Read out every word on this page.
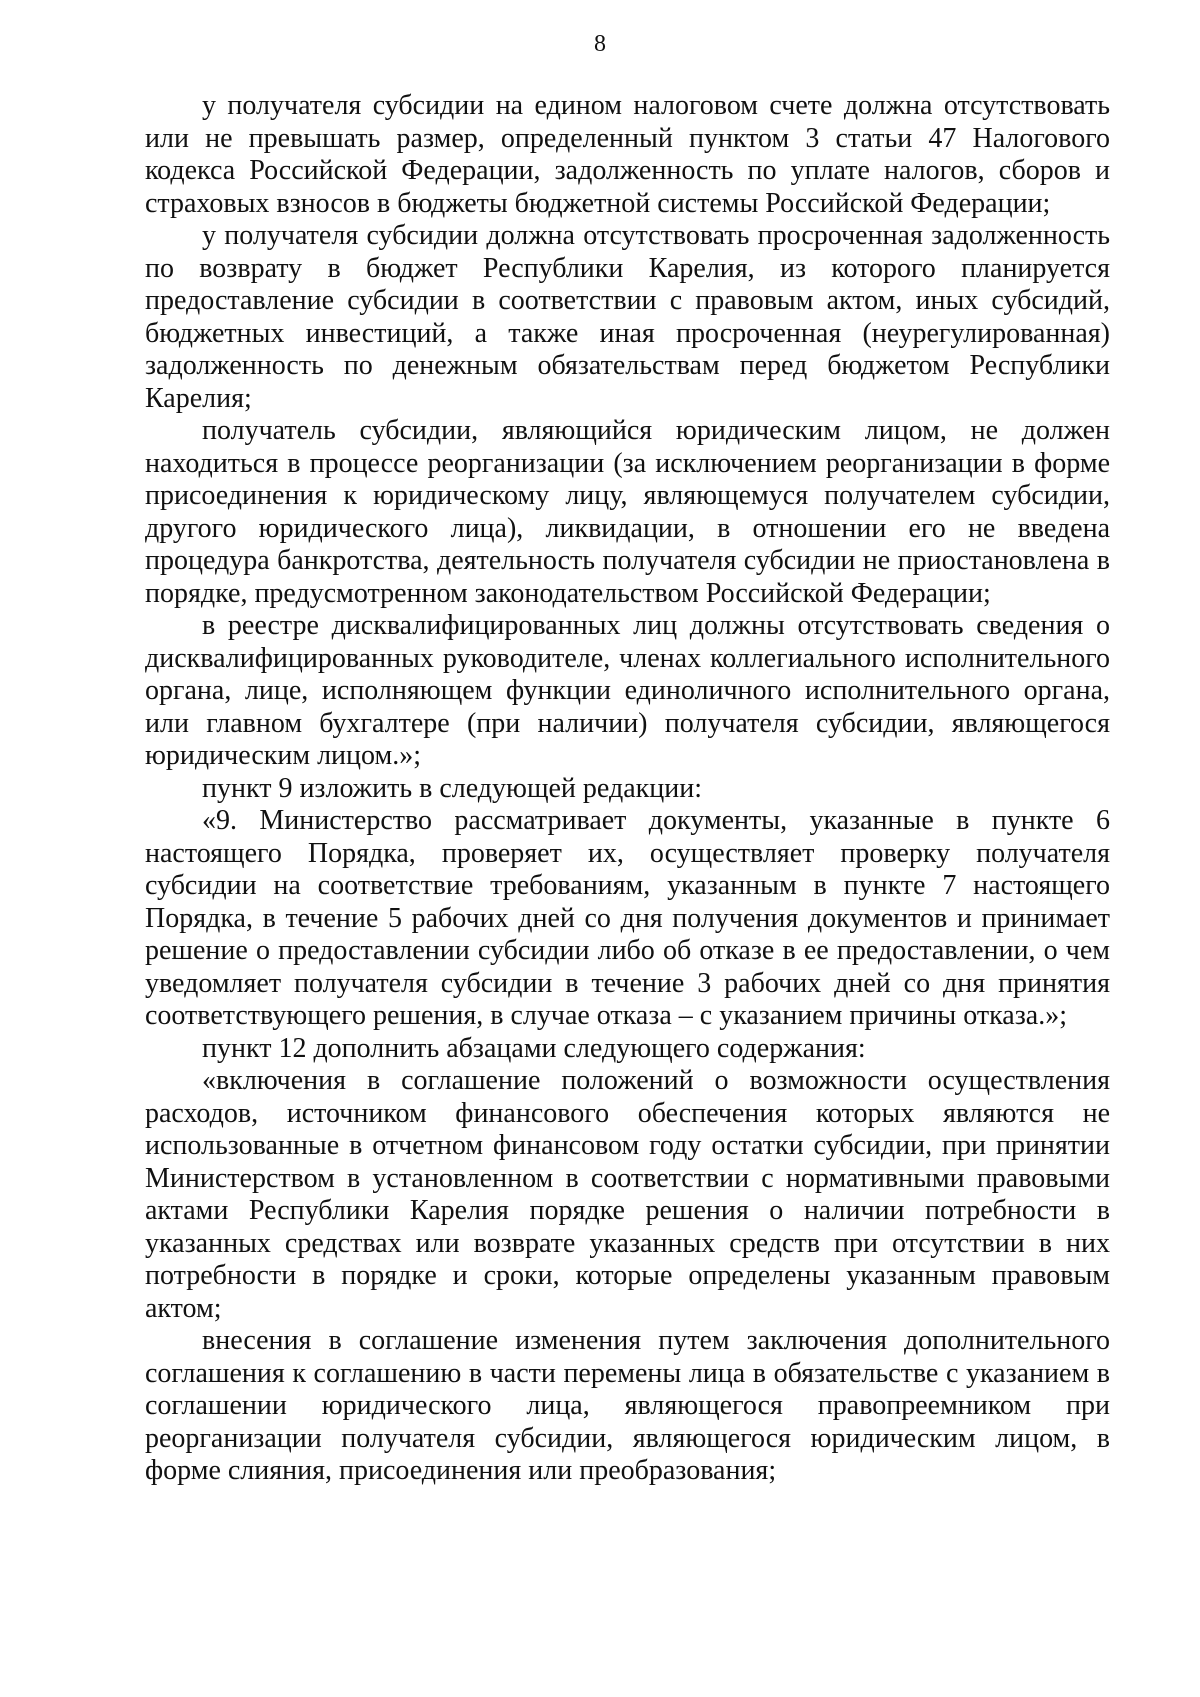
8

у получателя субсидии на едином налоговом счете должна отсутствовать или не превышать размер, определенный пунктом 3 статьи 47 Налогового кодекса Российской Федерации, задолженность по уплате налогов, сборов и страховых взносов в бюджеты бюджетной системы Российской Федерации;

у получателя субсидии должна отсутствовать просроченная задолженность по возврату в бюджет Республики Карелия, из которого планируется предоставление субсидии в соответствии с правовым актом, иных субсидий, бюджетных инвестиций, а также иная просроченная (неурегулированная) задолженность по денежным обязательствам перед бюджетом Республики Карелия;

получатель субсидии, являющийся юридическим лицом, не должен находиться в процессе реорганизации (за исключением реорганизации в форме присоединения к юридическому лицу, являющемуся получателем субсидии, другого юридического лица), ликвидации, в отношении его не введена процедура банкротства, деятельность получателя субсидии не приостановлена в порядке, предусмотренном законодательством Российской Федерации;

в реестре дисквалифицированных лиц должны отсутствовать сведения о дисквалифицированных руководителе, членах коллегиального исполнительного органа, лице, исполняющем функции единоличного исполнительного органа, или главном бухгалтере (при наличии) получателя субсидии, являющегося юридическим лицом.»;

пункт 9 изложить в следующей редакции:

«9. Министерство рассматривает документы, указанные в пункте 6 настоящего Порядка, проверяет их, осуществляет проверку получателя субсидии на соответствие требованиям, указанным в пункте 7 настоящего Порядка, в течение 5 рабочих дней со дня получения документов и принимает решение о предоставлении субсидии либо об отказе в ее предоставлении, о чем уведомляет получателя субсидии в течение 3 рабочих дней со дня принятия соответствующего решения, в случае отказа – с указанием причины отказа.»;

пункт 12 дополнить абзацами следующего содержания:

«включения в соглашение положений о возможности осуществления расходов, источником финансового обеспечения которых являются не использованные в отчетном финансовом году остатки субсидии, при принятии Министерством в установленном в соответствии с нормативными правовыми актами Республики Карелия порядке решения о наличии потребности в указанных средствах или возврате указанных средств при отсутствии в них потребности в порядке и сроки, которые определены указанным правовым актом;

внесения в соглашение изменения путем заключения дополнительного соглашения к соглашению в части перемены лица в обязательстве с указанием в соглашении юридического лица, являющегося правопреемником при реорганизации получателя субсидии, являющегося юридическим лицом, в форме слияния, присоединения или преобразования;
